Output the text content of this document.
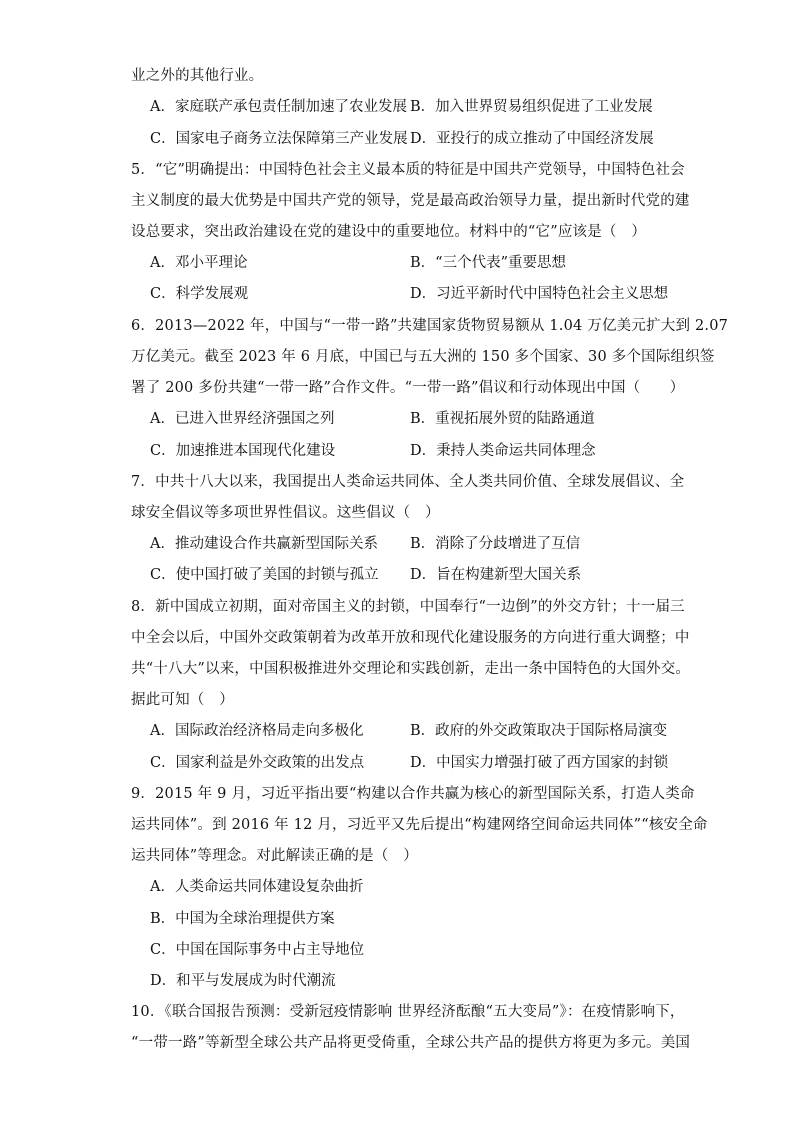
业之外的其他行业。
A．家庭联产承包责任制加速了农业发展 B．加入世界贸易组织促进了工业发展
C．国家电子商务立法保障第三产业发展 D．亚投行的成立推动了中国经济发展
5．“它”明确提出：中国特色社会主义最本质的特征是中国共产党领导，中国特色社会
主义制度的最大优势是中国共产党的领导，党是最高政治领导力量，提出新时代党的建
设总要求，突出政治建设在党的建设中的重要地位。材料中的“它”应该是（　）
A．邓小平理论	B．“三个代表”重要思想
C．科学发展观	D．习近平新时代中国特色社会主义思想
6．2013—2022 年，中国与“一带一路”共建国家货物贸易额从 1.04 万亿美元扩大到 2.07
万亿美元。截至 2023 年 6 月底，中国已与五大洲的 150 多个国家、30 多个国际组织签
署了 200 多份共建“一带一路”合作文件。“一带一路”倡议和行动体现出中国（　　）
A．已进入世界经济强国之列	B．重视拓展外贸的陆路通道
C．加速推进本国现代化建设	D．秉持人类命运共同体理念
7．中共十八大以来，我国提出人类命运共同体、全人类共同价值、全球发展倡议、全
球安全倡议等多项世界性倡议。这些倡议（　）
A．推动建设合作共赢新型国际关系 B．消除了分歧增进了互信
C．使中国打破了美国的封锁与孤立 D．旨在构建新型大国关系
8．新中国成立初期，面对帝国主义的封锁，中国奉行“一边倒”的外交方针；十一届三
中全会以后，中国外交政策朝着为改革开放和现代化建设服务的方向进行重大调整；中
共“十八大”以来，中国积极推进外交理论和实践创新，走出一条中国特色的大国外交。
据此可知（　）
A．国际政治经济格局走向多极化	B．政府的外交政策取决于国际格局演变
C．国家利益是外交政策的出发点	D．中国实力增强打破了西方国家的封锁
9．2015 年 9 月，习近平指出要“构建以合作共赢为核心的新型国际关系，打造人类命
运共同体”。到 2016 年 12 月，习近平又先后提出“构建网络空间命运共同体”“核安全命
运共同体”等理念。对此解读正确的是（　）
A．人类命运共同体建设复杂曲折
B．中国为全球治理提供方案
C．中国在国际事务中占主导地位
D．和平与发展成为时代潮流
10．《联合国报告预测：受新冠疫情影响 世界经济酝酿“五大变局”》：在疫情影响下，
“一带一路”等新型全球公共产品将更受倚重，全球公共产品的提供方将更为多元。美国
